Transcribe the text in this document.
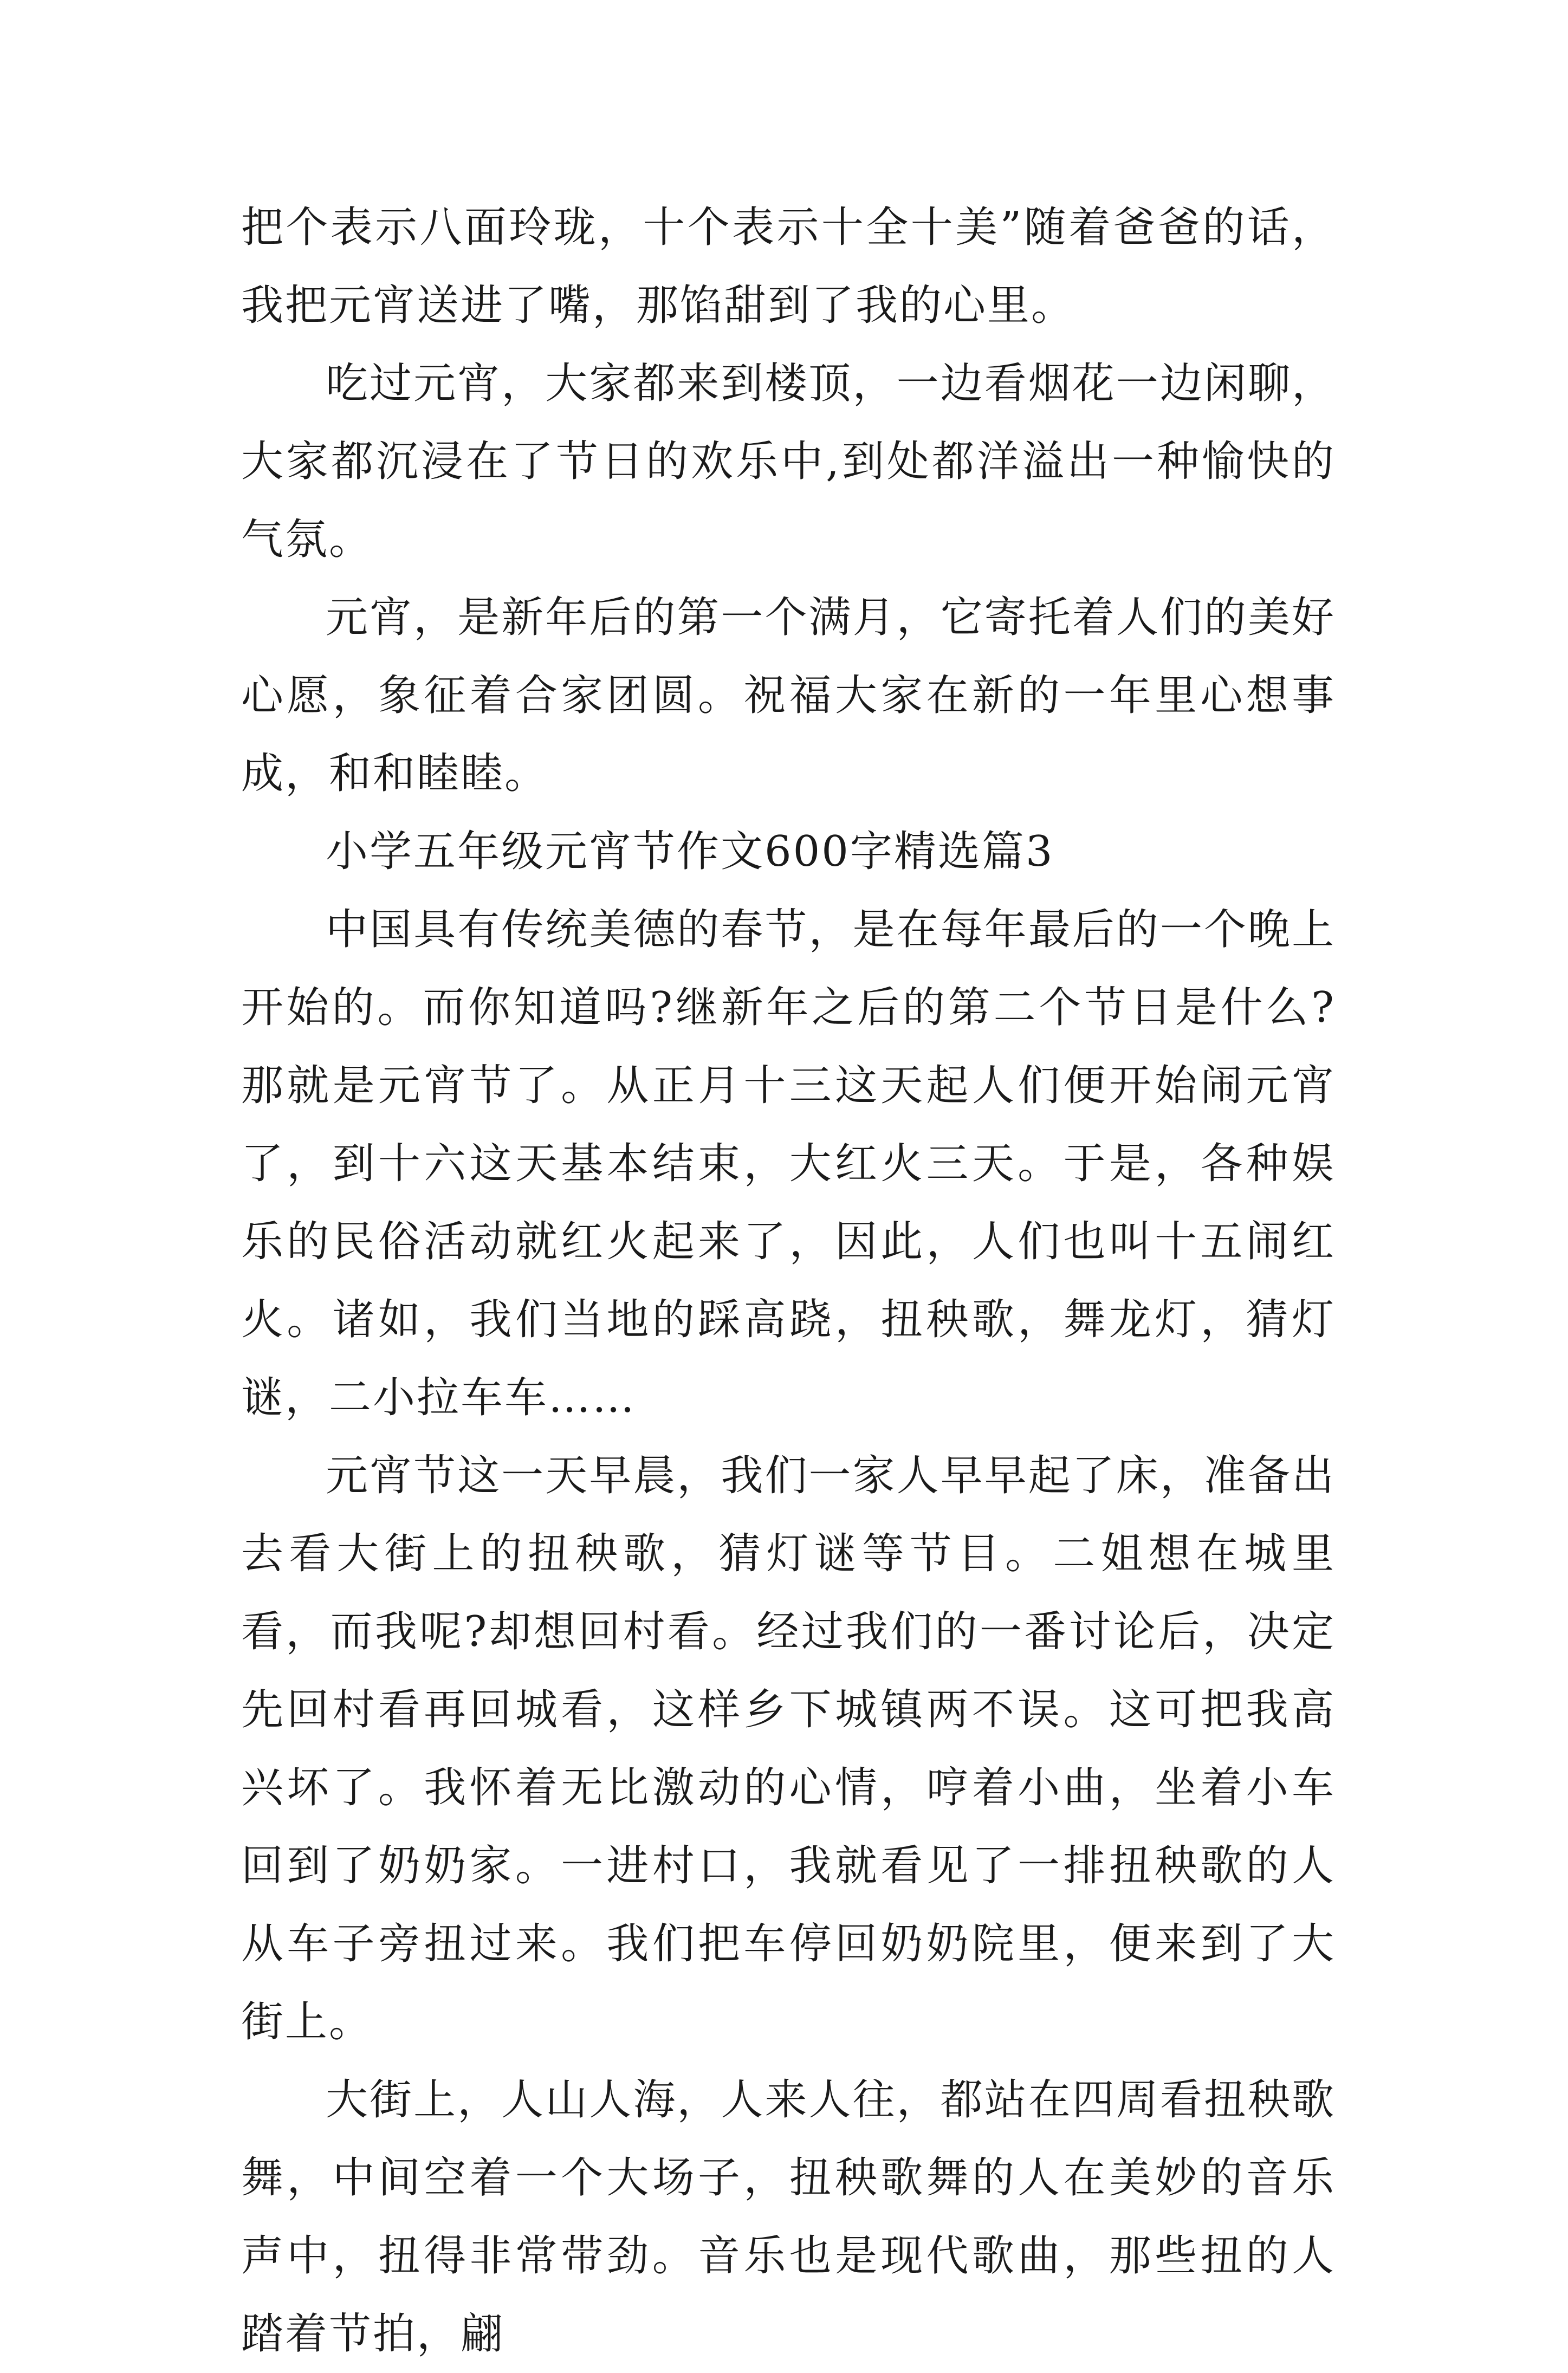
把个表示八面玲珑，十个表示十全十美”随着爸爸的话，我把元宵送进了嘴，那馅甜到了我的心里。

吃过元宵，大家都来到楼顶，一边看烟花一边闲聊，大家都沉浸在了节日的欢乐中,到处都洋溢出一种愉快的气氛。

元宵，是新年后的第一个满月，它寄托着人们的美好心愿，象征着合家团圆。祝福大家在新的一年里心想事成，和和睦睦。

小学五年级元宵节作文600字精选篇3

中国具有传统美德的春节，是在每年最后的一个晚上开始的。而你知道吗?继新年之后的第二个节日是什么?那就是元宵节了。从正月十三这天起人们便开始闹元宵了，到十六这天基本结束，大红火三天。于是，各种娱乐的民俗活动就红火起来了，因此，人们也叫十五闹红火。诸如，我们当地的踩高跷，扭秧歌，舞龙灯，猜灯谜，二小拉车车……

元宵节这一天早晨，我们一家人早早起了床，准备出去看大街上的扭秧歌，猜灯谜等节目。二姐想在城里看，而我呢?却想回村看。经过我们的一番讨论后，决定先回村看再回城看，这样乡下城镇两不误。这可把我高兴坏了。我怀着无比激动的心情，哼着小曲，坐着小车回到了奶奶家。一进村口，我就看见了一排扭秧歌的人从车子旁扭过来。我们把车停回奶奶院里，便来到了大街上。

大街上，人山人海，人来人往，都站在四周看扭秧歌舞，中间空着一个大场子，扭秧歌舞的人在美妙的音乐声中，扭得非常带劲。音乐也是现代歌曲，那些扭的人踏着节拍，翩
